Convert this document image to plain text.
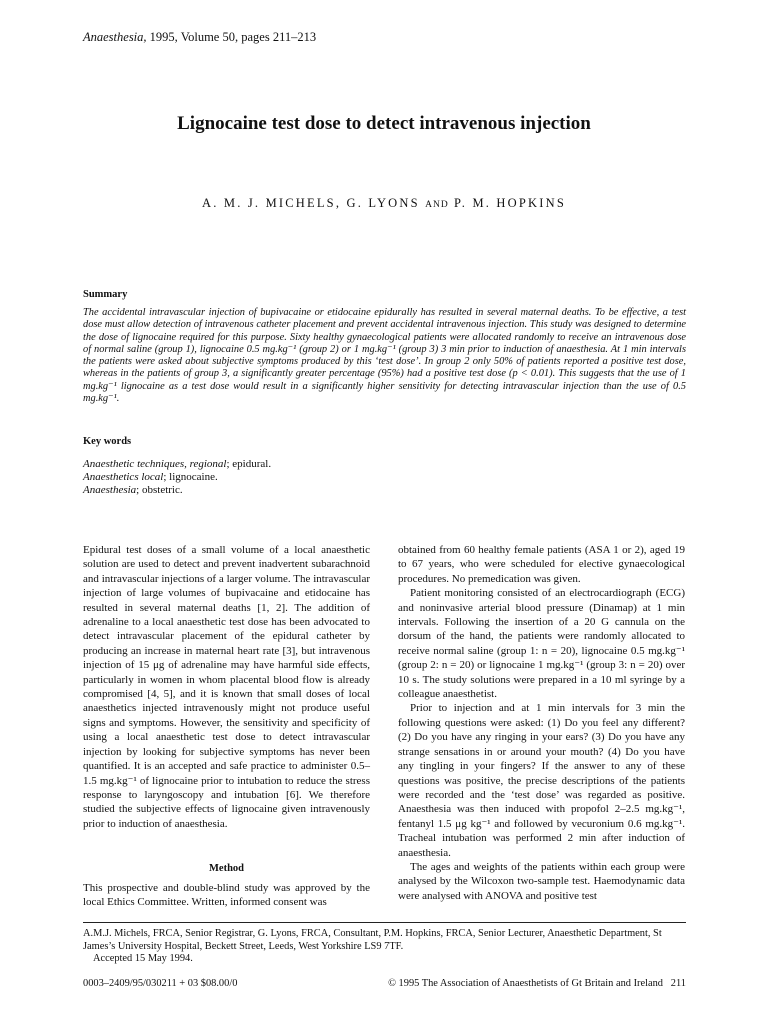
Anaesthesia, 1995, Volume 50, pages 211–213
Lignocaine test dose to detect intravenous injection
A. M. J. MICHELS, G. LYONS AND P. M. HOPKINS
Summary
The accidental intravascular injection of bupivacaine or etidocaine epidurally has resulted in several maternal deaths. To be effective, a test dose must allow detection of intravenous catheter placement and prevent accidental intravenous injection. This study was designed to determine the dose of lignocaine required for this purpose. Sixty healthy gynaecological patients were allocated randomly to receive an intravenous dose of normal saline (group 1), lignocaine 0.5 mg.kg⁻¹ (group 2) or 1 mg.kg⁻¹ (group 3) 3 min prior to induction of anaesthesia. At 1 min intervals the patients were asked about subjective symptoms produced by this ‘test dose’. In group 2 only 50% of patients reported a positive test dose, whereas in the patients of group 3, a significantly greater percentage (95%) had a positive test dose (p < 0.01). This suggests that the use of 1 mg.kg⁻¹ lignocaine as a test dose would result in a significantly higher sensitivity for detecting intravascular injection than the use of 0.5 mg.kg⁻¹.
Key words
Anaesthetic techniques, regional; epidural.
Anaesthetics local; lignocaine.
Anaesthesia; obstetric.

Epidural test doses of a small volume of a local anaesthetic solution are used to detect and prevent inadvertent subarachnoid and intravascular injections of a larger volume. The intravascular injection of large volumes of bupivacaine and etidocaine has resulted in several maternal deaths [1, 2]. The addition of adrenaline to a local anaesthetic test dose has been advocated to detect intravascular placement of the epidural catheter by producing an increase in maternal heart rate [3], but intravenous injection of 15 μg of adrenaline may have harmful side effects, particularly in women in whom placental blood flow is already compromised [4, 5], and it is known that small doses of local anaesthetics injected intravenously might not produce useful signs and symptoms. However, the sensitivity and specificity of using a local anaesthetic test dose to detect intravascular injection by looking for subjective symptoms has never been quantified. It is an accepted and safe practice to administer 0.5–1.5 mg.kg⁻¹ of lignocaine prior to intubation to reduce the stress response to laryngoscopy and intubation [6]. We therefore studied the subjective effects of lignocaine given intravenously prior to induction of anaesthesia.

Method
This prospective and double-blind study was approved by the local Ethics Committee. Written, informed consent was

obtained from 60 healthy female patients (ASA 1 or 2), aged 19 to 67 years, who were scheduled for elective gynaecological procedures. No premedication was given.

Patient monitoring consisted of an electrocardiograph (ECG) and noninvasive arterial blood pressure (Dinamap) at 1 min intervals. Following the insertion of a 20 G cannula on the dorsum of the hand, the patients were randomly allocated to receive normal saline (group 1: n = 20), lignocaine 0.5 mg.kg⁻¹ (group 2: n = 20) or lignocaine 1 mg.kg⁻¹ (group 3: n = 20) over 10 s. The study solutions were prepared in a 10 ml syringe by a colleague anaesthetist.

Prior to injection and at 1 min intervals for 3 min the following questions were asked: (1) Do you feel any different? (2) Do you have any ringing in your ears? (3) Do you have any strange sensations in or around your mouth? (4) Do you have any tingling in your fingers? If the answer to any of these questions was positive, the precise descriptions of the patients were recorded and the ‘test dose’ was regarded as positive. Anaesthesia was then induced with propofol 2–2.5 mg.kg⁻¹, fentanyl 1.5 μg kg⁻¹ and followed by vecuronium 0.6 mg.kg⁻¹. Tracheal intubation was performed 2 min after induction of anaesthesia.

The ages and weights of the patients within each group were analysed by the Wilcoxon two-sample test. Haemodynamic data were analysed with ANOVA and positive test

A.M.J. Michels, FRCA, Senior Registrar, G. Lyons, FRCA, Consultant, P.M. Hopkins, FRCA, Senior Lecturer, Anaesthetic Department, St James’s University Hospital, Beckett Street, Leeds, West Yorkshire LS9 7TF.
Accepted 15 May 1994.
0003–2409/95/030211 + 03 $08.00/0	© 1995 The Association of Anaesthetists of Gt Britain and Ireland 211
